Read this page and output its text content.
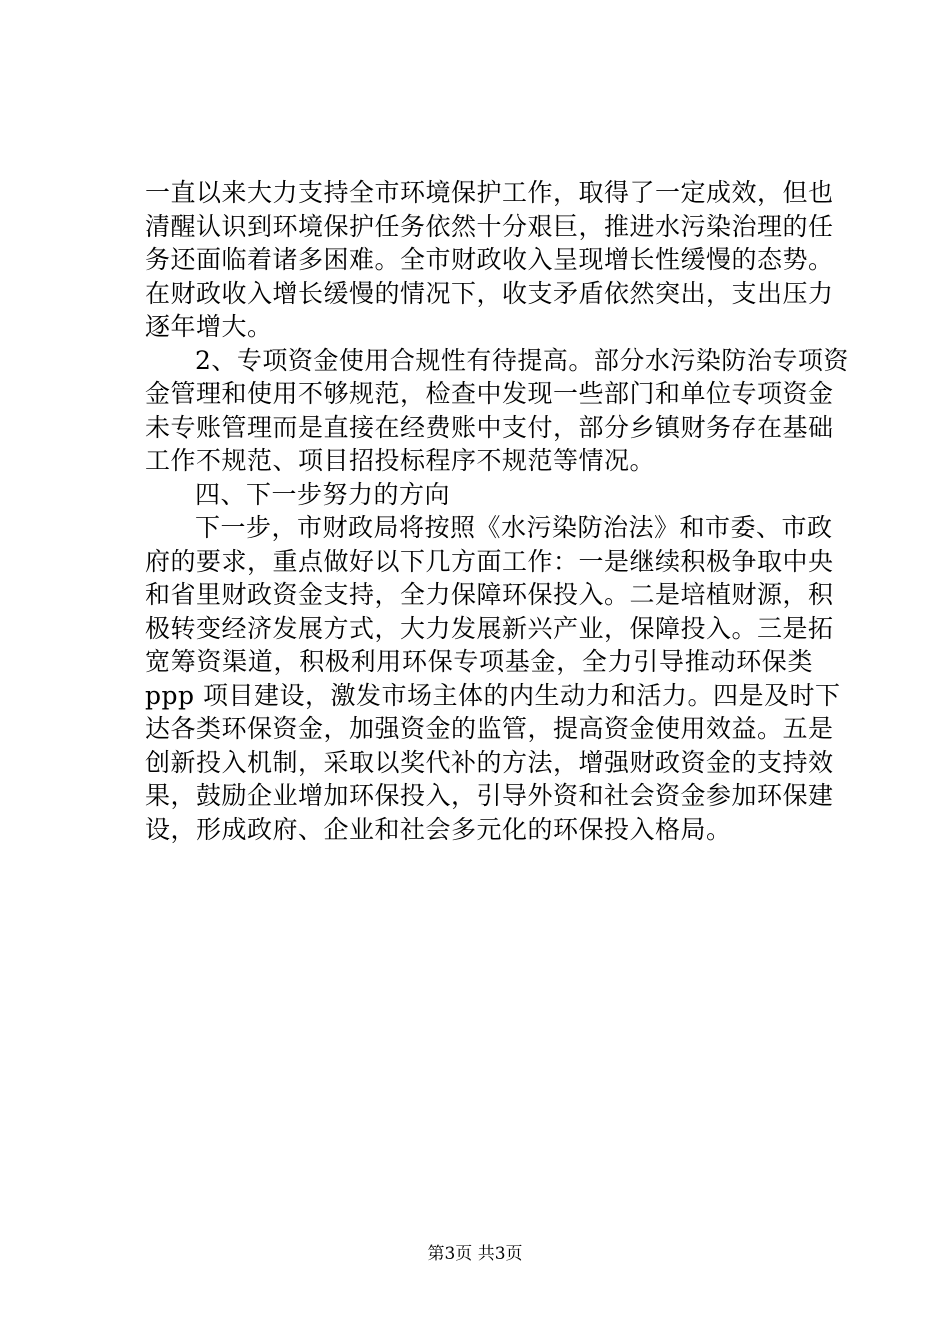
一直以来大力支持全市环境保护工作，取得了一定成效，但也
清醒认识到环境保护任务依然十分艰巨，推进水污染治理的任
务还面临着诸多困难。全市财政收入呈现增长性缓慢的态势。
在财政收入增长缓慢的情况下，收支矛盾依然突出，支出压力
逐年增大。
2、专项资金使用合规性有待提高。部分水污染防治专项资
金管理和使用不够规范，检查中发现一些部门和单位专项资金
未专账管理而是直接在经费账中支付，部分乡镇财务存在基础
工作不规范、项目招投标程序不规范等情况。
四、下一步努力的方向
下一步，市财政局将按照《水污染防治法》和市委、市政
府的要求，重点做好以下几方面工作：一是继续积极争取中央
和省里财政资金支持，全力保障环保投入。二是培植财源，积
极转变经济发展方式，大力发展新兴产业，保障投入。三是拓
宽筹资渠道，积极利用环保专项基金，全力引导推动环保类
ppp 项目建设，激发市场主体的内生动力和活力。四是及时下
达各类环保资金，加强资金的监管，提高资金使用效益。五是
创新投入机制，采取以奖代补的方法，增强财政资金的支持效
果，鼓励企业增加环保投入，引导外资和社会资金参加环保建
设，形成政府、企业和社会多元化的环保投入格局。
第3页 共3页
